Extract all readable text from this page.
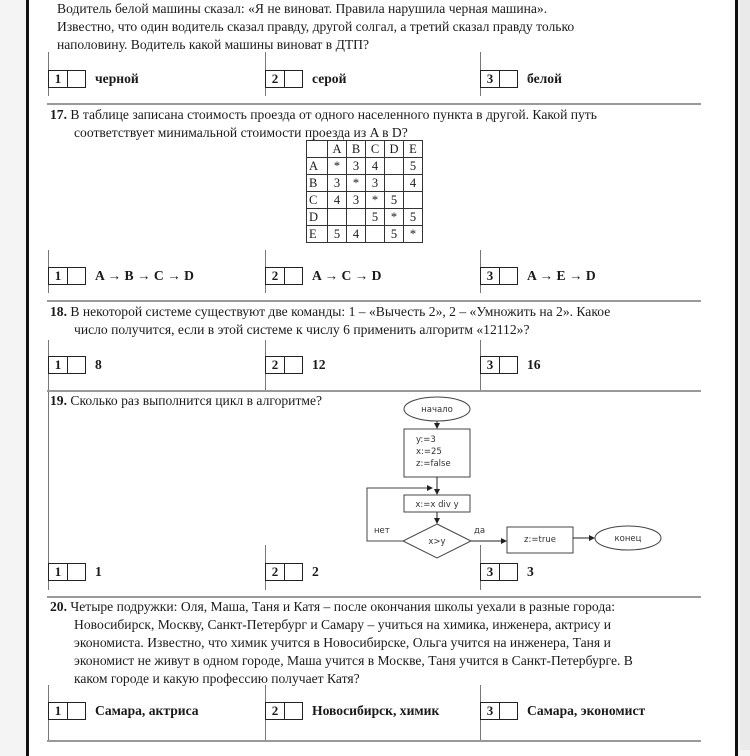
Водитель белой машины сказал: «Я не виноват. Правила нарушила черная машина».
Известно, что один водитель сказал правду, другой солгал, а третий сказал правду только
наполовину. Водитель какой машины виноват в ДТП?
1	черной	2	серой	3	белой
17. В таблице записана стоимость проезда от одного населенного пункта в другой. Какой путь
соответствует минимальной стоимости проезда из A в D?
	A	B	C	D	E
A	*	3	4		5
B	3	*	3		4
C	4	3	*	5	
D			5	*	5
E	5	4		5	*
1	A → B → C → D	2	A → C → D	3	A → E → D
18. В некоторой системе существуют две команды: 1 – «Вычесть 2», 2 – «Умножить на 2». Какое
число получится, если в этой системе к числу 6 применить алгоритм «12112»?
1	8	2	12	3	16
19. Сколько раз выполнится цикл в алгоритме?
начало
y:=3
x:=25
z:=false
x:=x div y
x>y
нет	да
z:=true	конец
1	1	2	2	3	3
20. Четыре подружки: Оля, Маша, Таня и Катя – после окончания школы уехали в разные города:
Новосибирск, Москву, Санкт-Петербург и Самару – учиться на химика, инженера, актрису и
экономиста. Известно, что химик учится в Новосибирске, Ольга учится на инженера, Таня и
экономист не живут в одном городе, Маша учится в Москве, Таня учится в Санкт-Петербурге. В
каком городе и какую профессию получает Катя?
1	Самара, актриса	2	Новосибирск, химик	3	Самара, экономист
